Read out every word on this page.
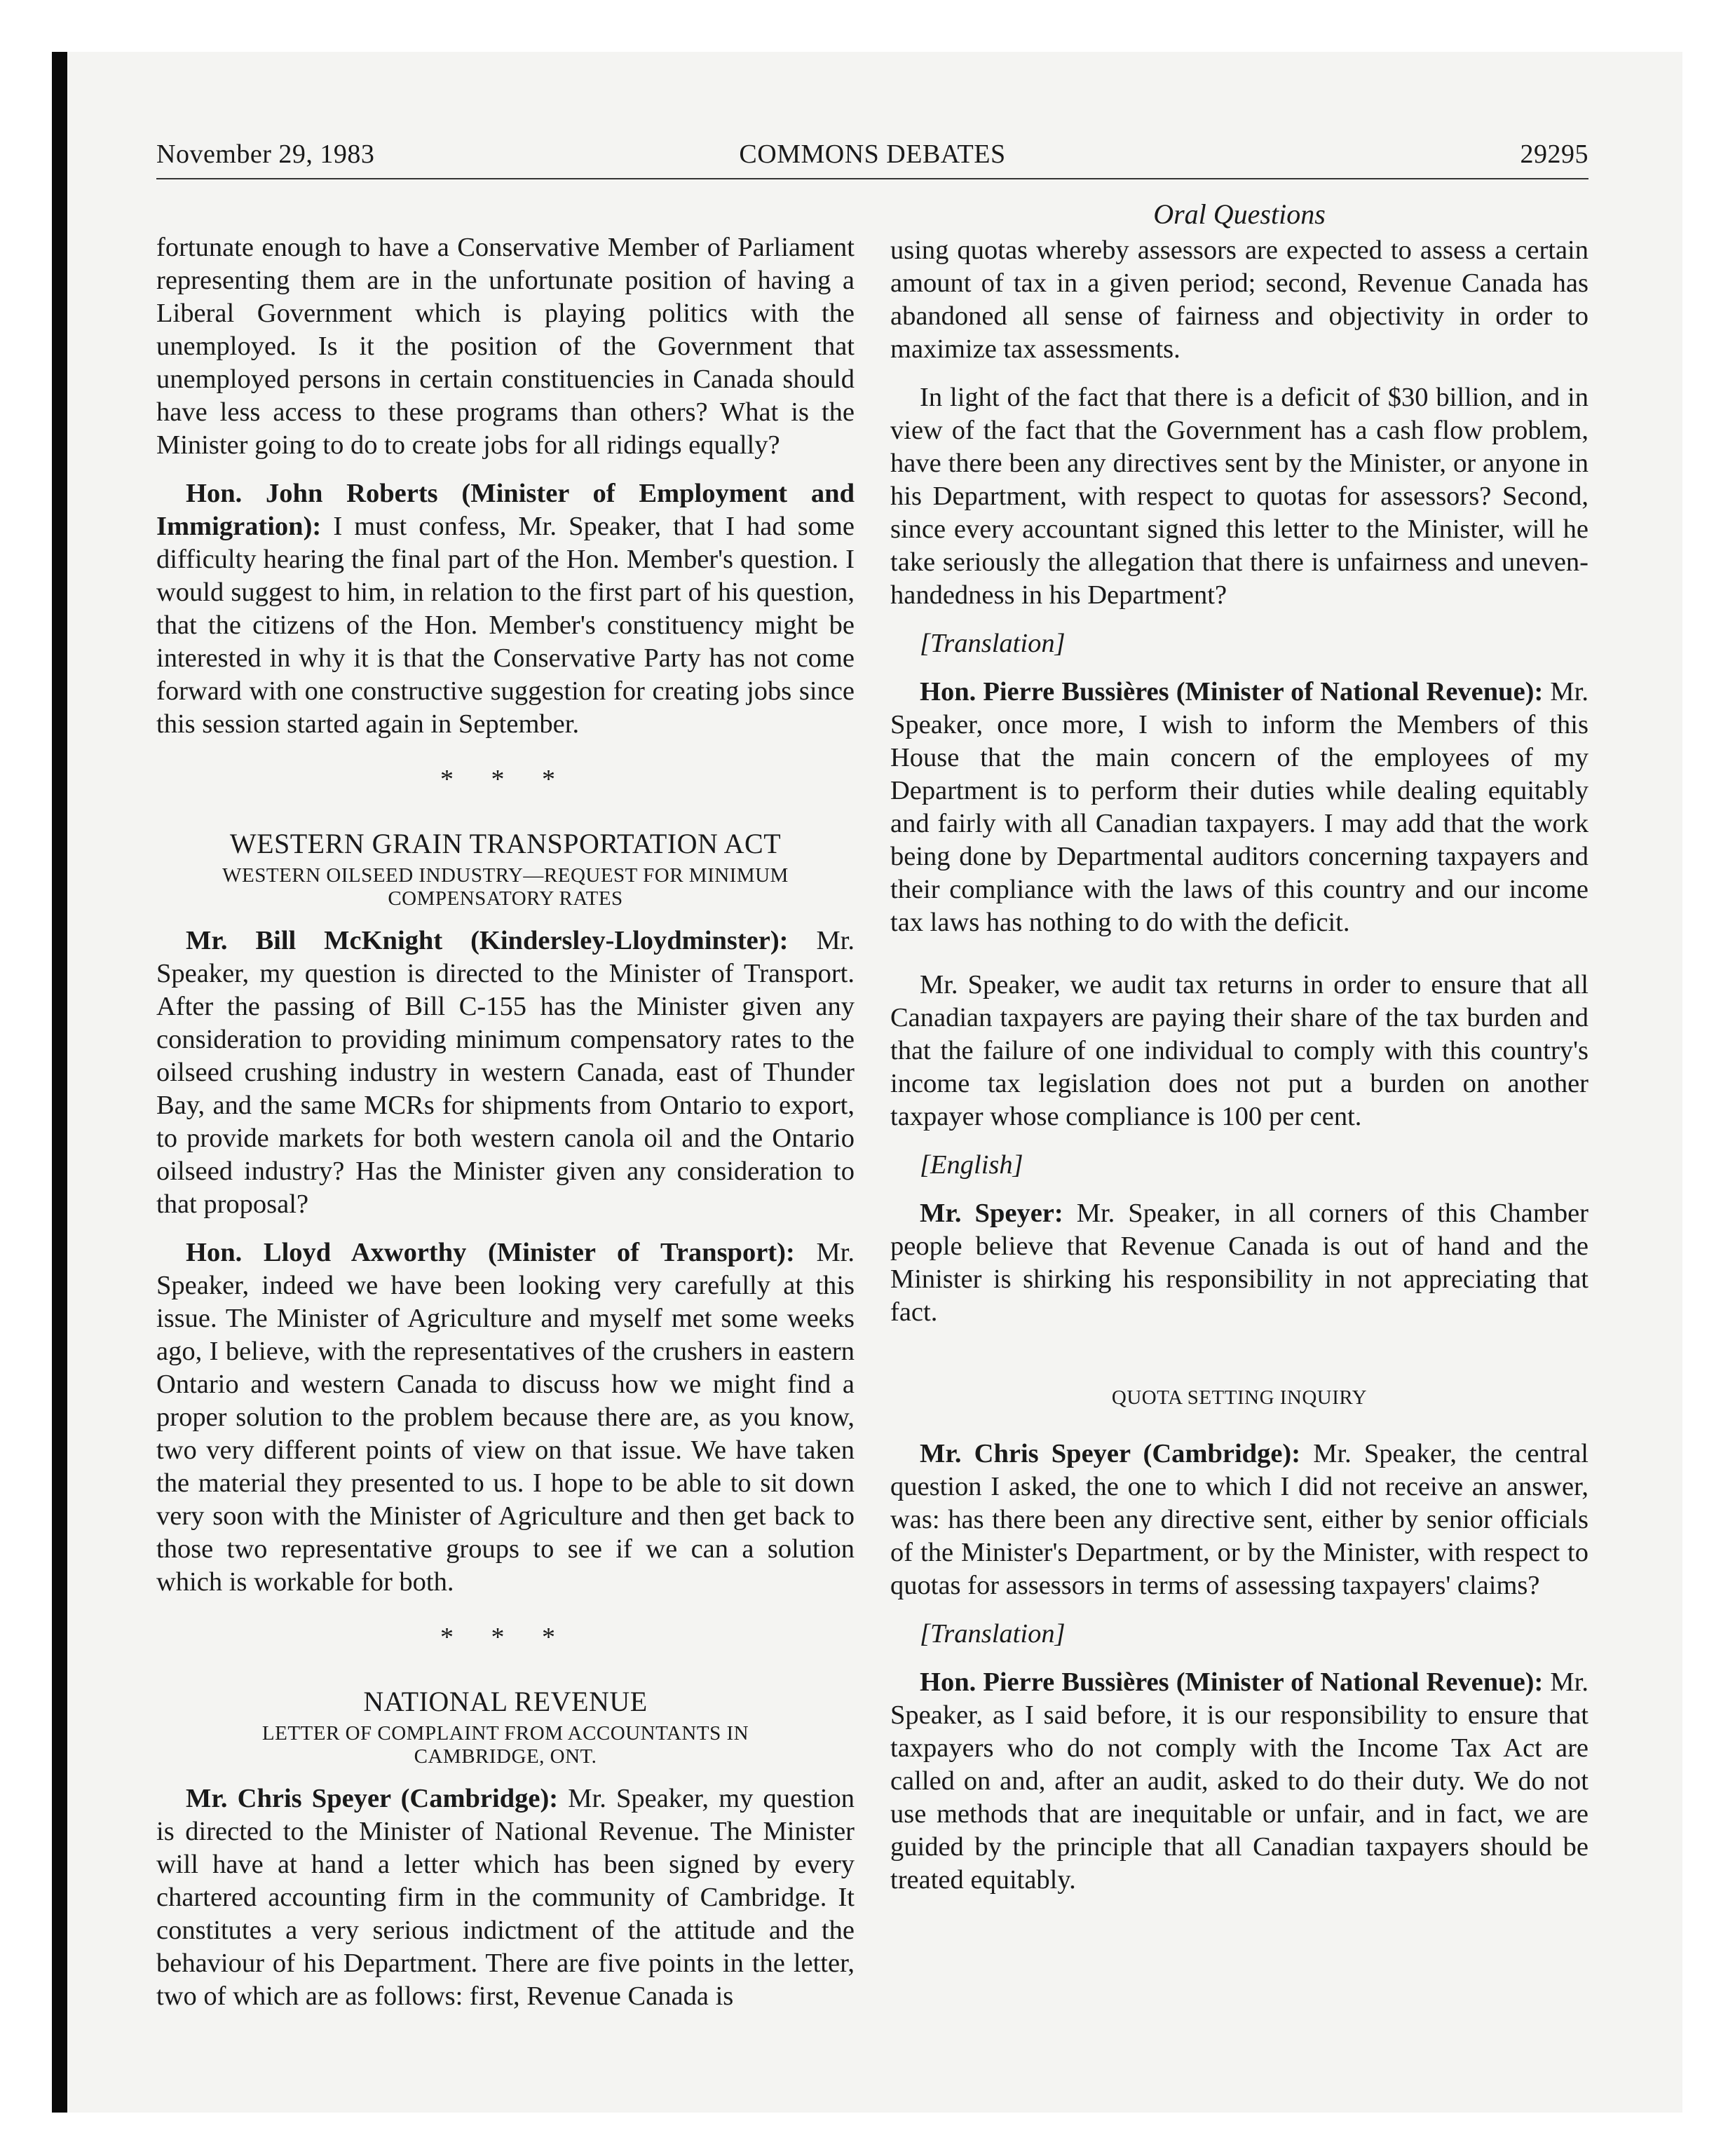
November 29, 1983	COMMONS DEBATES	29295
Oral Questions

fortunate enough to have a Conservative Member of Parliament representing them are in the unfortunate position of having a Liberal Government which is playing politics with the unemployed. Is it the position of the Government that unemployed persons in certain constituencies in Canada should have less access to these programs than others? What is the Minister going to do to create jobs for all ridings equally?

Hon. John Roberts (Minister of Employment and Immigration): I must confess, Mr. Speaker, that I had some difficulty hearing the final part of the Hon. Member's question. I would suggest to him, in relation to the first part of his question, that the citizens of the Hon. Member's constituency might be interested in why it is that the Conservative Party has not come forward with one constructive suggestion for creating jobs since this session started again in September.

* * *
WESTERN GRAIN TRANSPORTATION ACT
WESTERN OILSEED INDUSTRY—REQUEST FOR MINIMUM COMPENSATORY RATES

Mr. Bill McKnight (Kindersley-Lloydminster): Mr. Speaker, my question is directed to the Minister of Transport. After the passing of Bill C-155 has the Minister given any consideration to providing minimum compensatory rates to the oilseed crushing industry in western Canada, east of Thunder Bay, and the same MCRs for shipments from Ontario to export, to provide markets for both western canola oil and the Ontario oilseed industry? Has the Minister given any consideration to that proposal?

Hon. Lloyd Axworthy (Minister of Transport): Mr. Speaker, indeed we have been looking very carefully at this issue. The Minister of Agriculture and myself met some weeks ago, I believe, with the representatives of the crushers in eastern Ontario and western Canada to discuss how we might find a proper solution to the problem because there are, as you know, two very different points of view on that issue. We have taken the material they presented to us. I hope to be able to sit down very soon with the Minister of Agriculture and then get back to those two representative groups to see if we can a solution which is workable for both.

* * *
NATIONAL REVENUE
LETTER OF COMPLAINT FROM ACCOUNTANTS IN CAMBRIDGE, ONT.

Mr. Chris Speyer (Cambridge): Mr. Speaker, my question is directed to the Minister of National Revenue. The Minister will have at hand a letter which has been signed by every chartered accounting firm in the community of Cambridge. It constitutes a very serious indictment of the attitude and the behaviour of his Department. There are five points in the letter, two of which are as follows: first, Revenue Canada is

using quotas whereby assessors are expected to assess a certain amount of tax in a given period; second, Revenue Canada has abandoned all sense of fairness and objectivity in order to maximize tax assessments.

In light of the fact that there is a deficit of $30 billion, and in view of the fact that the Government has a cash flow problem, have there been any directives sent by the Minister, or anyone in his Department, with respect to quotas for assessors? Second, since every accountant signed this letter to the Minister, will he take seriously the allegation that there is unfairness and uneven-handedness in his Department?

[Translation]

Hon. Pierre Bussières (Minister of National Revenue): Mr. Speaker, once more, I wish to inform the Members of this House that the main concern of the employees of my Department is to perform their duties while dealing equitably and fairly with all Canadian taxpayers. I may add that the work being done by Departmental auditors concerning taxpayers and their compliance with the laws of this country and our income tax laws has nothing to do with the deficit.

Mr. Speaker, we audit tax returns in order to ensure that all Canadian taxpayers are paying their share of the tax burden and that the failure of one individual to comply with this country's income tax legislation does not put a burden on another taxpayer whose compliance is 100 per cent.

[English]

Mr. Speyer: Mr. Speaker, in all corners of this Chamber people believe that Revenue Canada is out of hand and the Minister is shirking his responsibility in not appreciating that fact.

QUOTA SETTING INQUIRY

Mr. Chris Speyer (Cambridge): Mr. Speaker, the central question I asked, the one to which I did not receive an answer, was: has there been any directive sent, either by senior officials of the Minister's Department, or by the Minister, with respect to quotas for assessors in terms of assessing taxpayers' claims?

[Translation]

Hon. Pierre Bussières (Minister of National Revenue): Mr. Speaker, as I said before, it is our responsibility to ensure that taxpayers who do not comply with the Income Tax Act are called on and, after an audit, asked to do their duty. We do not use methods that are inequitable or unfair, and in fact, we are guided by the principle that all Canadian taxpayers should be treated equitably.
